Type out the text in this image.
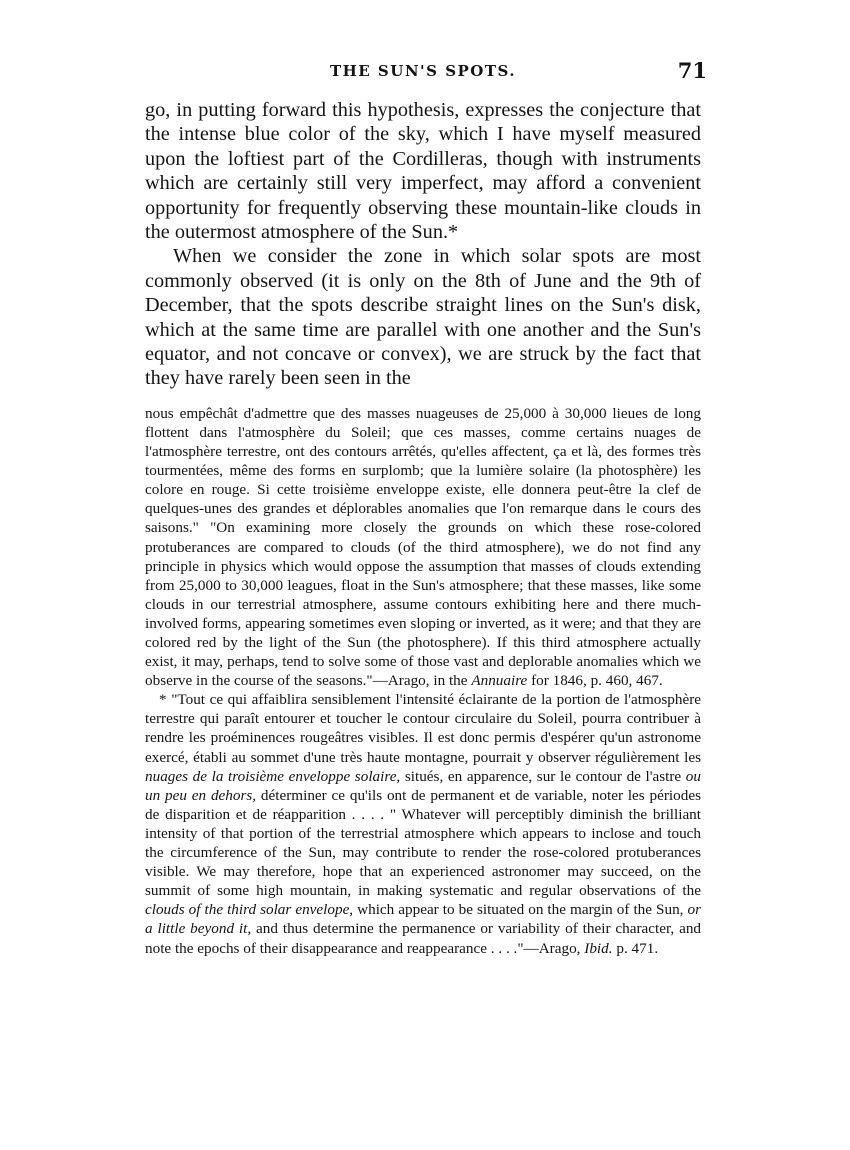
THE SUN'S SPOTS.	71

go, in putting forward this hypothesis, expresses the conjecture that the intense blue color of the sky, which I have myself measured upon the loftiest part of the Cordilleras, though with instruments which are certainly still very imperfect, may afford a convenient opportunity for frequently observing these mountain-like clouds in the outermost atmosphere of the Sun.*

When we consider the zone in which solar spots are most commonly observed (it is only on the 8th of June and the 9th of December, that the spots describe straight lines on the Sun's disk, which at the same time are parallel with one another and the Sun's equator, and not concave or convex), we are struck by the fact that they have rarely been seen in the

nous empêchât d'admettre que des masses nuageuses de 25,000 à 30,000 lieues de long flottent dans l'atmosphère du Soleil; que ces masses, comme certains nuages de l'atmosphère terrestre, ont des contours arrêtés, qu'elles affectent, ça et là, des formes très tourmentées, même des forms en surplomb; que la lumière solaire (la photosphère) les colore en rouge. Si cette troisième enveloppe existe, elle donnera peut-être la clef de quelques-unes des grandes et déplorables anomalies que l'on remarque dans le cours des saisons." "On examining more closely the grounds on which these rose-colored protuberances are compared to clouds (of the third atmosphere), we do not find any principle in physics which would oppose the assumption that masses of clouds extending from 25,000 to 30,000 leagues, float in the Sun's atmosphere; that these masses, like some clouds in our terrestrial atmosphere, assume contours exhibiting here and there much-involved forms, appearing sometimes even sloping or inverted, as it were; and that they are colored red by the light of the Sun (the photosphere). If this third atmosphere actually exist, it may, perhaps, tend to solve some of those vast and deplorable anomalies which we observe in the course of the seasons."—Arago, in the Annuaire for 1846, p. 460, 467.

* "Tout ce qui affaiblira sensiblement l'intensité éclairante de la portion de l'atmosphère terrestre qui paraît entourer et toucher le contour circulaire du Soleil, pourra contribuer à rendre les proéminences rougeâtres visibles. Il est donc permis d'espérer qu'un astronome exercé, établi au sommet d'une très haute montagne, pourrait y observer régulièrement les nuages de la troisième enveloppe solaire, situés, en apparence, sur le contour de l'astre ou un peu en dehors, déterminer ce qu'ils ont de permanent et de variable, noter les périodes de disparition et de réapparition . . . . " Whatever will perceptibly diminish the brilliant intensity of that portion of the terrestrial atmosphere which appears to inclose and touch the circumference of the Sun, may contribute to render the rose-colored protuberances visible. We may therefore, hope that an experienced astronomer may succeed, on the summit of some high mountain, in making systematic and regular observations of the clouds of the third solar envelope, which appear to be situated on the margin of the Sun, or a little beyond it, and thus determine the permanence or variability of their character, and note the epochs of their disappearance and reappearance . . . ."—Arago, Ibid. p. 471.
